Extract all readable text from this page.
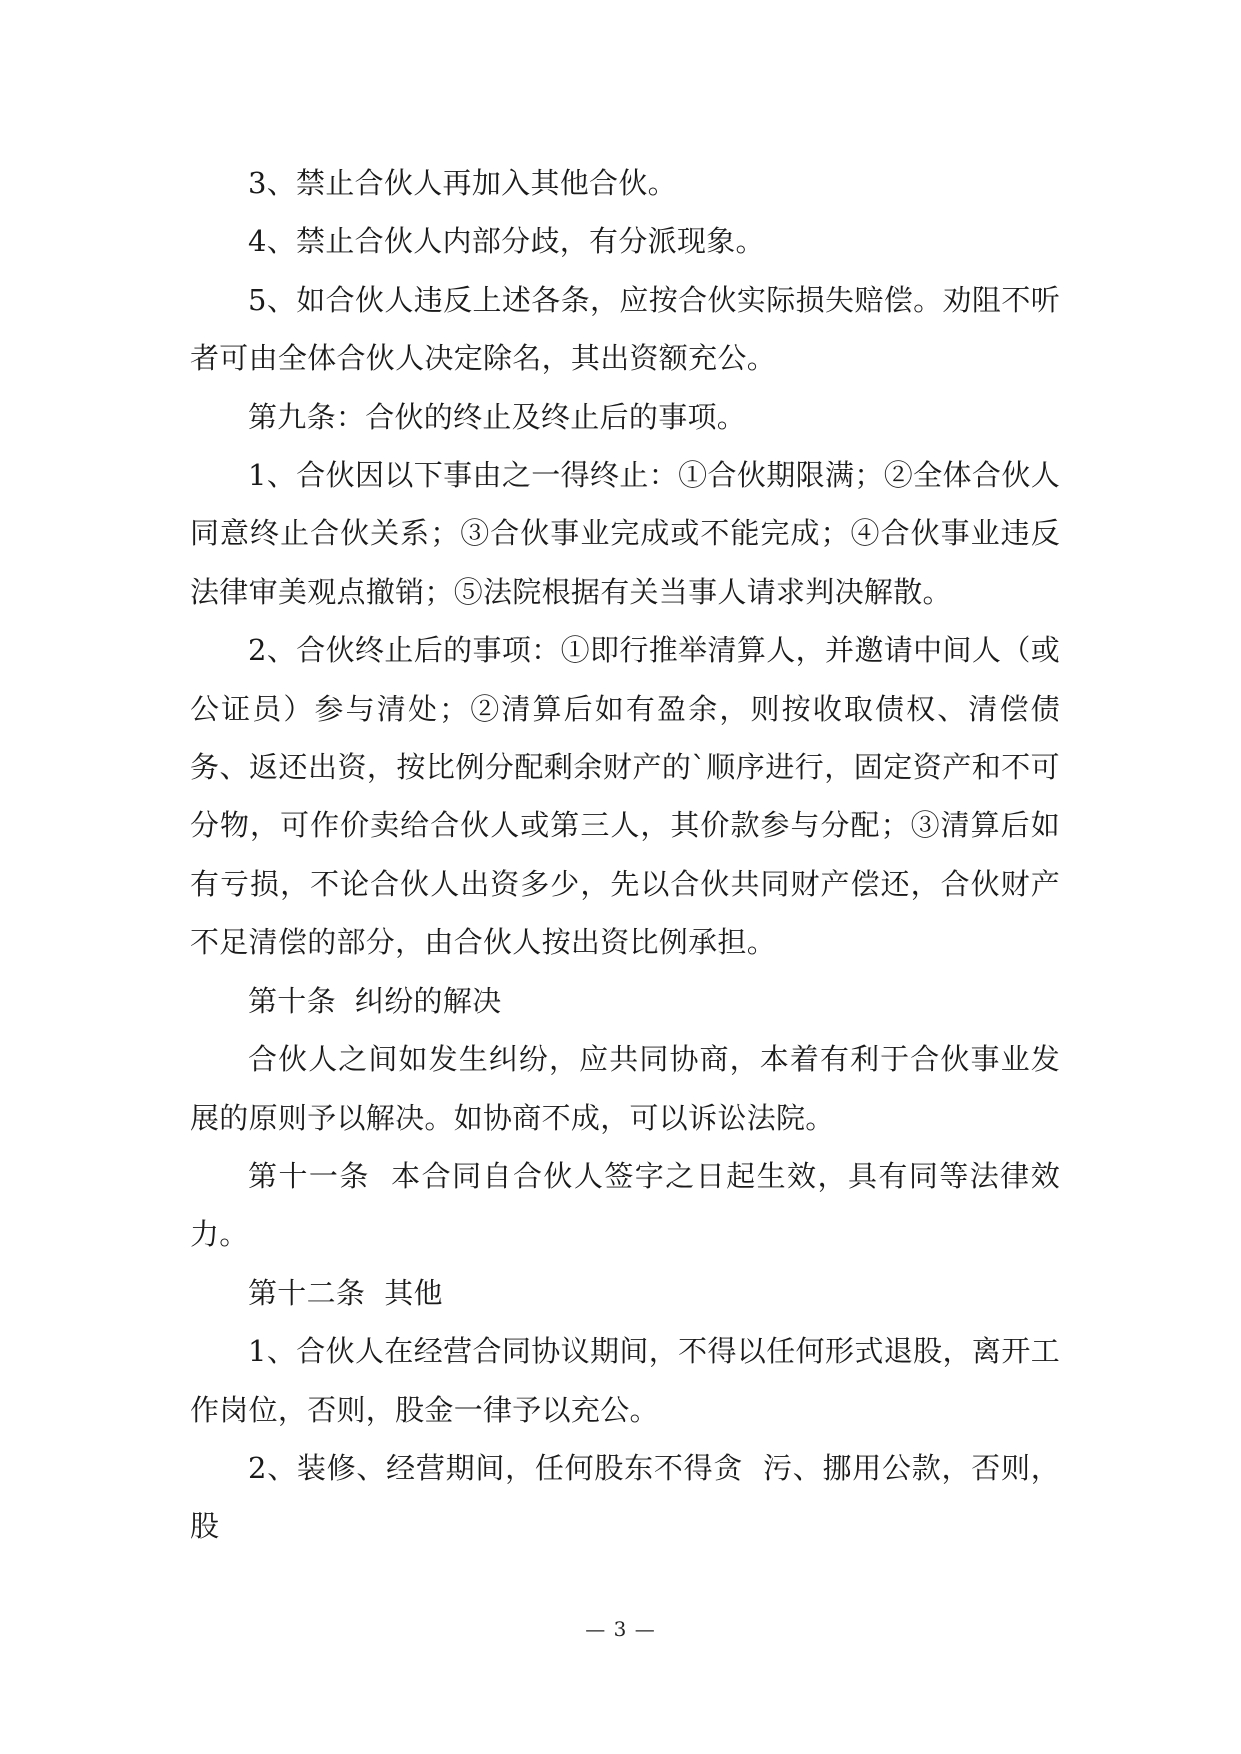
3、禁止合伙人再加入其他合伙。

4、禁止合伙人内部分歧，有分派现象。

5、如合伙人违反上述各条，应按合伙实际损失赔偿。劝阻不听者可由全体合伙人决定除名，其出资额充公。

第九条：合伙的终止及终止后的事项。

1、合伙因以下事由之一得终止：①合伙期限满；②全体合伙人同意终止合伙关系；③合伙事业完成或不能完成；④合伙事业违反法律审美观点撤销；⑤法院根据有关当事人请求判决解散。

2、合伙终止后的事项：①即行推举清算人，并邀请中间人（或公证员）参与清处；②清算后如有盈余，则按收取债权、清偿债务、返还出资，按比例分配剩余财产的`顺序进行，固定资产和不可分物，可作价卖给合伙人或第三人，其价款参与分配；③清算后如有亏损，不论合伙人出资多少，先以合伙共同财产偿还，合伙财产不足清偿的部分，由合伙人按出资比例承担。

第十条  纠纷的解决

合伙人之间如发生纠纷，应共同协商，本着有利于合伙事业发展的原则予以解决。如协商不成，可以诉讼法院。

第十一条  本合同自合伙人签字之日起生效，具有同等法律效力。

第十二条  其他

1、合伙人在经营合同协议期间，不得以任何形式退股，离开工作岗位，否则，股金一律予以充公。

2、装修、经营期间，任何股东不得贪  污、挪用公款，否则，股

— 3 —
